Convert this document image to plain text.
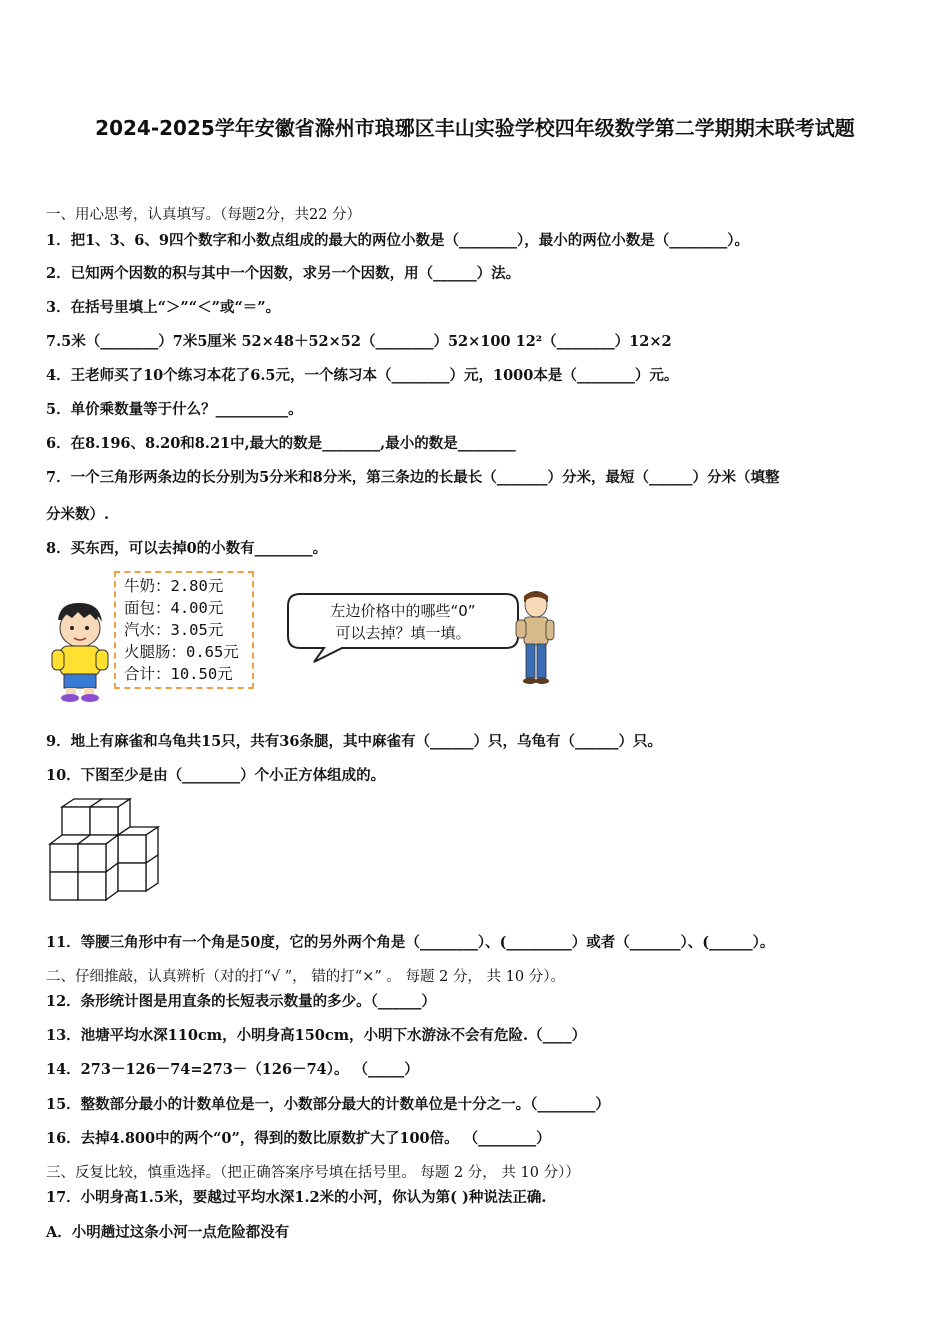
2024-2025学年安徽省滁州市琅琊区丰山实验学校四年级数学第二学期期末联考试题
一、用心思考，认真填写。（每题2分，共22 分）
1．把1、3、6、9四个数字和小数点组成的最大的两位小数是（________），最小的两位小数是（________）。
2．已知两个因数的积与其中一个因数，求另一个因数，用（______）法。
3．在括号里填上“＞”“＜”或“＝”。
7.5米（________）7米5厘米 52×48＋52×52（________）52×100 12²（________）12×2
4．王老师买了10个练习本花了6.5元，一个练习本（________）元，1000本是（________）元。
5．单价乘数量等于什么？__________。
6．在8.196、8.20和8.21中,最大的数是________,最小的数是________
7．一个三角形两条边的长分别为5分米和8分米，第三条边的长最长（_______）分米，最短（______）分米（填整
分米数）.
8．买东西，可以去掉0的小数有________。
牛奶：2.80元
面包：4.00元
汽水：3.05元
火腿肠：0.65元
合计：10.50元
左边价格中的哪些“0”
可以去掉？填一填。
9．地上有麻雀和乌龟共15只，共有36条腿，其中麻雀有（______）只，乌龟有（______）只。
10．下图至少是由（________）个小正方体组成的。
11．等腰三角形中有一个角是50度，它的另外两个角是（________）、(_________）或者（_______）、(______）。
二、仔细推敲，认真辨析（对的打“√ ”， 错的打“×” 。 每题 2 分， 共 10 分）。
12．条形统计图是用直条的长短表示数量的多少。（______）
13．池塘平均水深110cm，小明身高150cm，小明下水游泳不会有危险.（____）
14．273－126－74=273－（126－74）。 （_____）
15．整数部分最小的计数单位是一，小数部分最大的计数单位是十分之一。（________）
16．去掉4.800中的两个“0”，得到的数比原数扩大了100倍。 （________）
三、反复比较，慎重选择。（把正确答案序号填在括号里。 每题 2 分， 共 10 分））
17．小明身高1.5米，要越过平均水深1.2米的小河，你认为第( )种说法正确.
A．小明趟过这条小河一点危险都没有
